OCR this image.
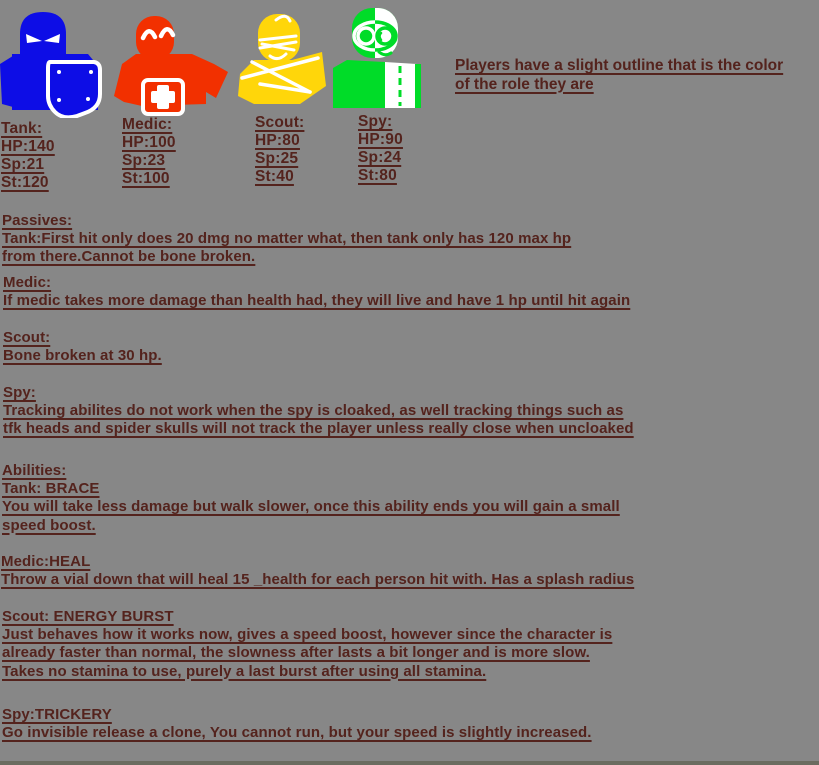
Tank:
HP:140
Sp:21
St:120
Medic:
HP:100
Sp:23
St:100
Scout:
HP:80
Sp:25
St:40
Spy:
HP:90
Sp:24
St:80
Players have a slight outline that is the color
of the role they are
Passives:
Tank:First hit only does 20 dmg no matter what, then tank only has 120 max hp
from there.Cannot be bone broken.
Medic:
If medic takes more damage than health had, they will live and have 1 hp until hit again
Scout:
Bone broken at 30 hp.
Spy:
Tracking abilites do not work when the spy is cloaked, as well tracking things such as
tfk heads and spider skulls will not track the player unless really close when uncloaked
Abilities:
Tank: BRACE
You will take less damage but walk slower, once this ability ends you will gain a small
speed boost.
Medic:HEAL
Throw a vial down that will heal 15 _health for each person hit with. Has a splash radius
Scout: ENERGY BURST
Just behaves how it works now, gives a speed boost, however since the character is
already faster than normal, the slowness after lasts a bit longer and is more slow.
Takes no stamina to use, purely a last burst after using all stamina.
Spy:TRICKERY
Go invisible release a clone, You cannot run, but your speed is slightly increased.
